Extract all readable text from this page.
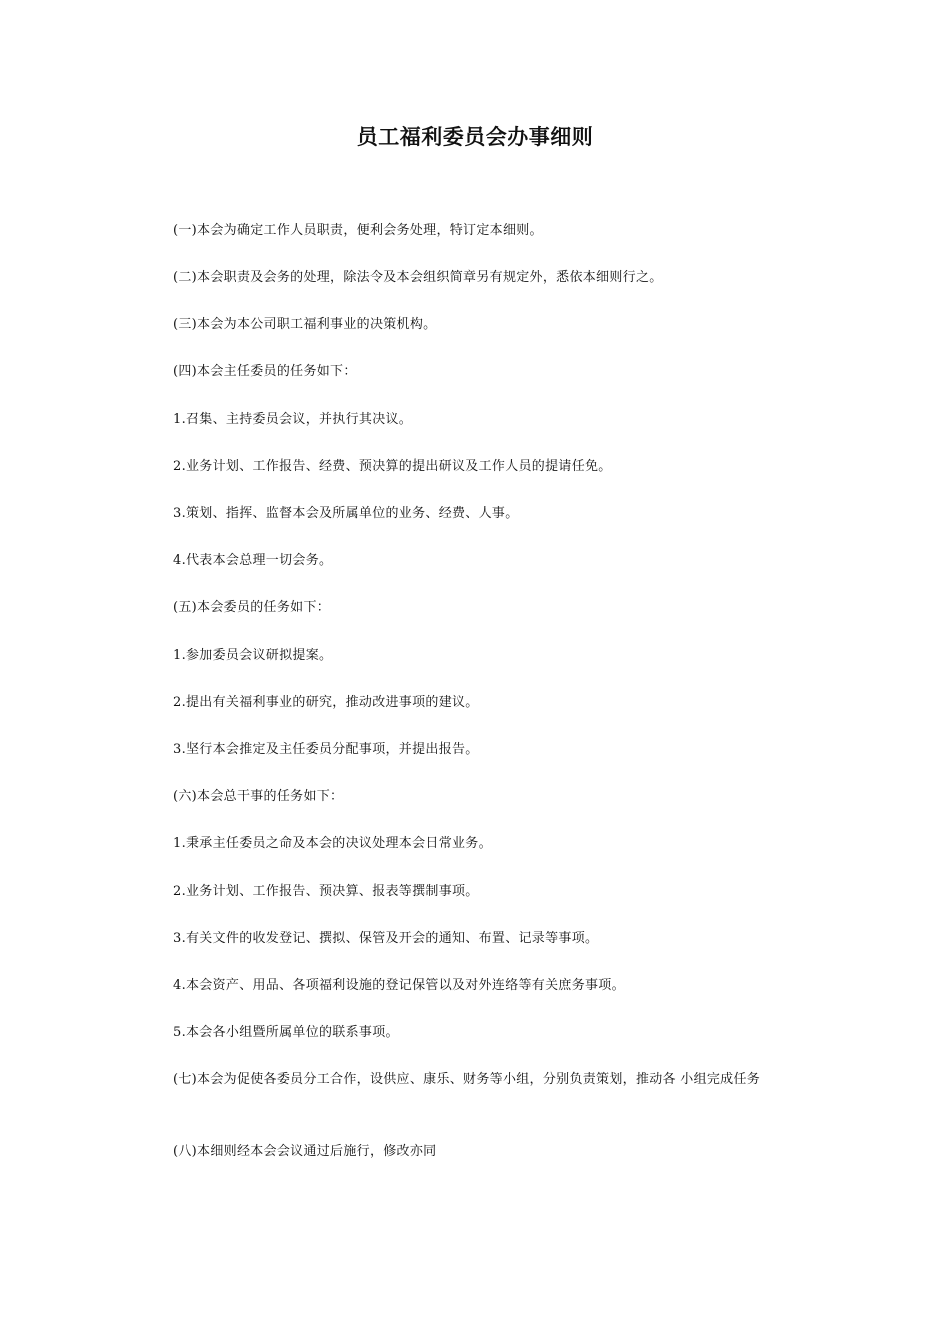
员工福利委员会办事细则

(一)本会为确定工作人员职责，便利会务处理，特订定本细则。

(二)本会职责及会务的处理，除法令及本会组织简章另有规定外，悉依本细则行之。

(三)本会为本公司职工福利事业的决策机构。

(四)本会主任委员的任务如下：

1.召集、主持委员会议，并执行其决议。

2.业务计划、工作报告、经费、预决算的提出研议及工作人员的提请任免。

3.策划、指挥、监督本会及所属单位的业务、经费、人事。

4.代表本会总理一切会务。

(五)本会委员的任务如下：

1.参加委员会议研拟提案。

2.提出有关福利事业的研究，推动改进事项的建议。

3.坚行本会推定及主任委员分配事项，并提出报告。

(六)本会总干事的任务如下：

1.秉承主任委员之命及本会的决议处理本会日常业务。

2.业务计划、工作报告、预决算、报表等撰制事项。

3.有关文件的收发登记、撰拟、保管及开会的通知、布置、记录等事项。

4.本会资产、用品、各项福利设施的登记保管以及对外连络等有关庶务事项。

5.本会各小组暨所属单位的联系事项。

(七)本会为促使各委员分工合作，设供应、康乐、财务等小组，分别负责策划，推动各 小组完成任务

(八)本细则经本会会议通过后施行，修改亦同
